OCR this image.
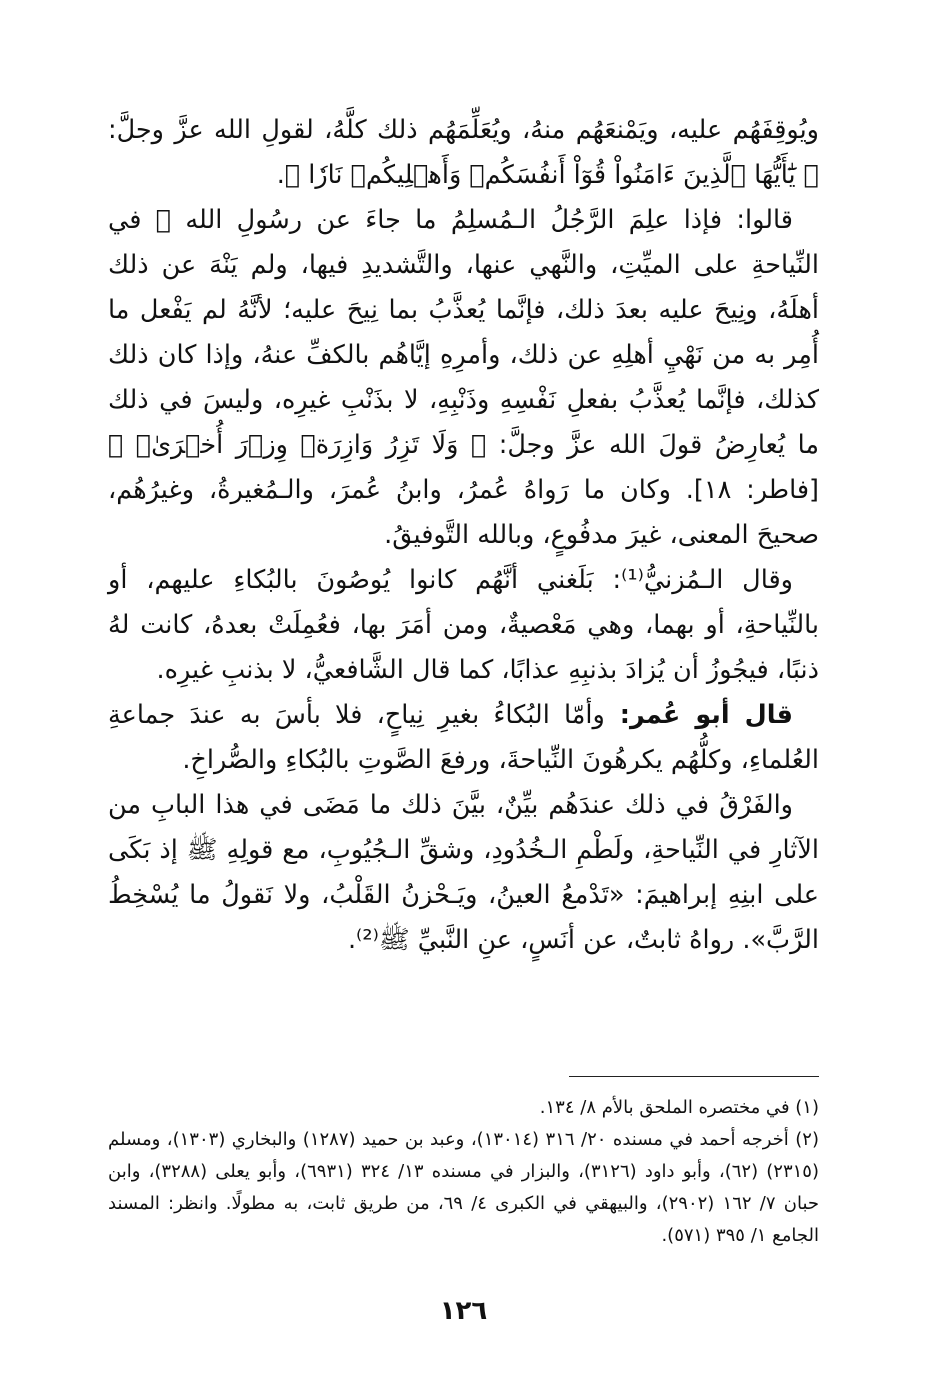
ويُوقِفَهُم عليه، ويَمْنعَهُم منهُ، ويُعَلِّمَهُم ذلك كلَّهُ، لقولِ الله عزَّ وجلَّ: ﴿ يَٰٓأَيُّهَا ٱلَّذِينَ ءَامَنُواْ قُوٓاْ أَنفُسَكُمۡ وَأَهۡلِيكُمۡ نَارٗا ﴾.

قالوا: فإذا علِمَ الرَّجُلُ الـمُسلِمُ ما جاءَ عن رسُولِ الله ﷺ في النِّياحةِ على الميِّتِ، والنَّهي عنها، والتَّشديدِ فيها، ولم يَنْهَ عن ذلك أهلَهُ، ونِيحَ عليه بعدَ ذلك، فإنَّما يُعذَّبُ بما نِيحَ عليه؛ لأنَّهُ لم يَفْعل ما أُمِر به من نَهْيِ أهلِهِ عن ذلك، وأمرِهِ إيَّاهُم بالكفِّ عنهُ، وإذا كان ذلك كذلك، فإنَّما يُعذَّبُ بفعلِ نَفْسِهِ وذَنْبِهِ، لا بذَنْبِ غيرِه، وليسَ في ذلك ما يُعارِضُ قولَ الله عزَّ وجلَّ: ﴿ وَلَا تَزِرُ وَازِرَةٞ وِزۡرَ أُخۡرَىٰۚ ﴾ [فاطر: ١٨]. وكان ما رَواهُ عُمرُ، وابنُ عُمرَ، والـمُغيرةُ، وغيرُهُم، صحيحَ المعنى، غيرَ مدفُوعٍ، وبالله التَّوفيقُ.

وقال الـمُزنيُّ⁽¹⁾: بَلَغني أنَّهُم كانوا يُوصُونَ بالبُكاءِ عليهم، أو بالنِّياحةِ، أو بهما، وهي مَعْصيةٌ، ومن أمَرَ بها، فعُمِلَتْ بعدهُ، كانت لهُ ذنبًا، فيجُوزُ أن يُزادَ بذنبِهِ عذابًا، كما قال الشَّافعيُّ، لا بذنبِ غيرِه.

قال أبو عُمر: وأمّا البُكاءُ بغيرِ نِياحٍ، فلا بأسَ به عندَ جماعةِ العُلماءِ، وكلُّهُم يكرهُونَ النِّياحةَ، ورفعَ الصَّوتِ بالبُكاءِ والصُّراخِ.

والفَرْقُ في ذلك عندَهُم بيِّنٌ، بيَّنَ ذلك ما مَضَى في هذا البابِ من الآثارِ في النِّياحةِ، ولَطْمِ الـخُدُودِ، وشقِّ الـجُيُوبِ، مع قولِهِ ﷺ إذ بَكَى على ابنِهِ إبراهيمَ: «تَدْمعُ العينُ، ويَـحْزنُ القَلْبُ، ولا نَقولُ ما يُسْخِطُ الرَّبَّ». رواهُ ثابتٌ، عن أنَسٍ، عنِ النَّبيِّ ﷺ⁽²⁾.

(١) في مختصره الملحق بالأم ٨/ ١٣٤.

(٢) أخرجه أحمد في مسنده ٢٠/ ٣١٦ (١٣٠١٤)، وعبد بن حميد (١٢٨٧) والبخاري (١٣٠٣)، ومسلم (٢٣١٥) (٦٢)، وأبو داود (٣١٢٦)، والبزار في مسنده ١٣/ ٣٢٤ (٦٩٣١)، وأبو يعلى (٣٢٨٨)، وابن حبان ٧/ ١٦٢ (٢٩٠٢)، والبيهقي في الكبرى ٤/ ٦٩، من طريق ثابت، به مطولًا. وانظر: المسند الجامع ١/ ٣٩٥ (٥٧١).

١٢٦
